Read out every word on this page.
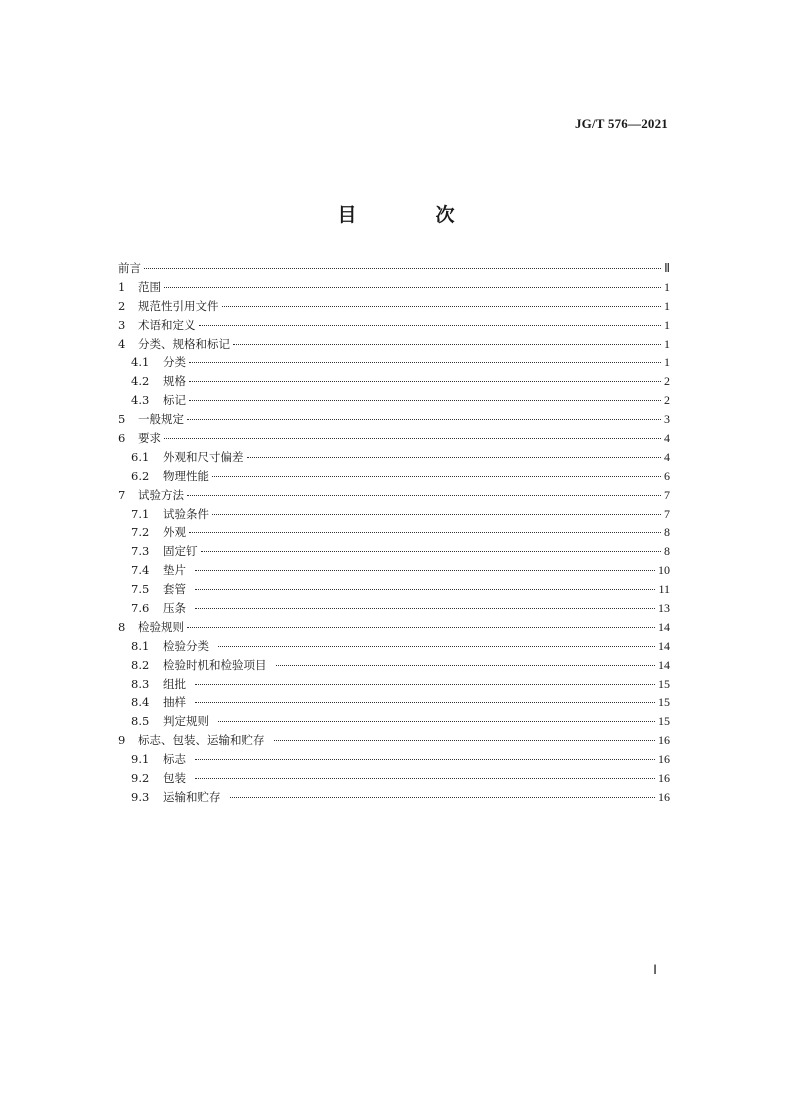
JG/T 576—2021
目　次
前言	Ⅱ
1	范围	1
2	规范性引用文件	1
3	术语和定义	1
4	分类、规格和标记	1
4.1	分类	1
4.2	规格	2
4.3	标记	2
5	一般规定	3
6	要求	4
6.1	外观和尺寸偏差	4
6.2	物理性能	6
7	试验方法	7
7.1	试验条件	7
7.2	外观	8
7.3	固定钉	8
7.4	垫片	10
7.5	套管	11
7.6	压条	13
8	检验规则	14
8.1	检验分类	14
8.2	检验时机和检验项目	14
8.3	组批	15
8.4	抽样	15
8.5	判定规则	15
9	标志、包装、运输和贮存	16
9.1	标志	16
9.2	包装	16
9.3	运输和贮存	16
Ⅰ
